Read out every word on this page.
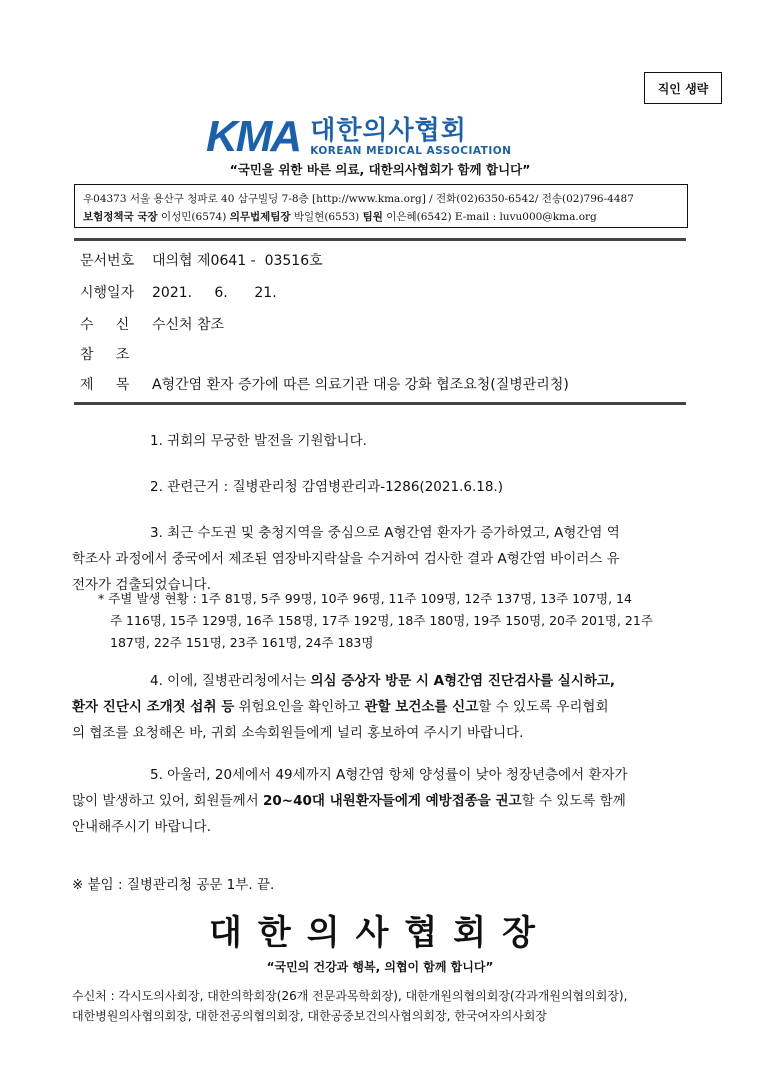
직인 생략
KMA 대한의사협회
KOREAN MEDICAL ASSOCIATION
“국민을 위한 바른 의료, 대한의사협회가 함께 합니다”
우04373 서울 용산구 청파로 40 삼구빌딩 7-8층 [http://www.kma.org] / 전화(02)6350-6542/ 전송(02)796-4487
보험정책국 국장 이성민(6574) 의무법제팀장 박일현(6553) 팀원 이은혜(6542) E-mail : luvu000@kma.org
문서번호 대의협 제0641 -  03516호
시행일자 2021.     6.      21.
수     신 수신처 참조
참     조
제     목 A형간염 환자 증가에 따른 의료기관 대응 강화 협조요청(질병관리청)
1. 귀회의 무궁한 발전을 기원합니다.
2. 관련근거 : 질병관리청 감염병관리과-1286(2021.6.18.)
3. 최근 수도권 및 충청지역을 중심으로 A형간염 환자가 증가하였고, A형간염 역
학조사 과정에서 중국에서 제조된 염장바지락살을 수거하여 검사한 결과 A형간염 바이러스 유
전자가 검출되었습니다.
* 주별 발생 현황 : 1주 81명, 5주 99명, 10주 96명, 11주 109명, 12주 137명, 13주 107명, 14
주 116명, 15주 129명, 16주 158명, 17주 192명, 18주 180명, 19주 150명, 20주 201명, 21주
187명, 22주 151명, 23주 161명, 24주 183명
4. 이에, 질병관리청에서는 의심 증상자 방문 시 A형간염 진단검사를 실시하고,
환자 진단시 조개젓 섭취 등 위험요인을 확인하고 관할 보건소를 신고할 수 있도록 우리협회
의 협조를 요청해온 바, 귀회 소속회원들에게 널리 홍보하여 주시기 바랍니다.
5. 아울러, 20세에서 49세까지 A형간염 항체 양성률이 낮아 청장년층에서 환자가
많이 발생하고 있어, 회원들께서 20~40대 내원환자들에게 예방접종을 권고할 수 있도록 함께
안내해주시기 바랍니다.
※ 붙임 : 질병관리청 공문 1부. 끝.
대한의사협회장
“국민의 건강과 행복, 의협이 함께 합니다”
수신처 : 각시도의사회장, 대한의학회장(26개 전문과목학회장), 대한개원의협의회장(각과개원의협의회장),
대한병원의사협의회장, 대한전공의협의회장, 대한공중보건의사협의회장, 한국여자의사회장
